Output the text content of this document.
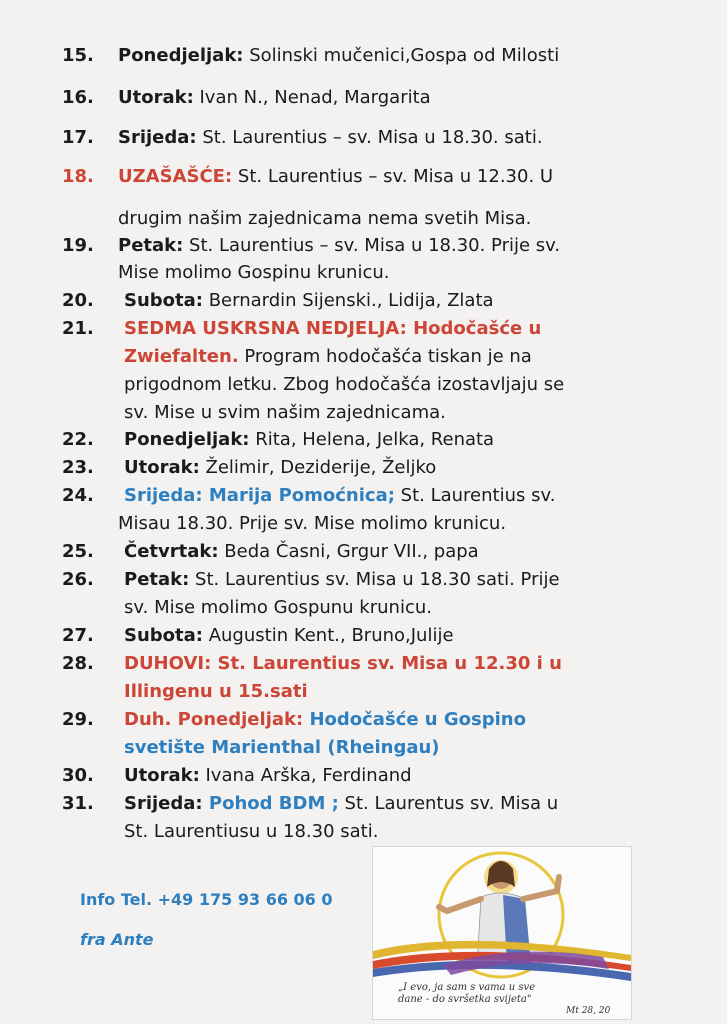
15. Ponedjeljak: Solinski mučenici,Gospa od Milosti
16. Utorak: Ivan N., Nenad, Margarita
17. Srijeda: St. Laurentius – sv. Misa u 18.30. sati.
18. UZAŠAŠĆE: St. Laurentius – sv. Misa u 12.30. U
drugim našim zajednicama nema svetih Misa.
19. Petak: St. Laurentius – sv. Misa u 18.30. Prije sv.
Mise molimo Gospinu krunicu.
20. Subota: Bernardin Sijenski., Lidija, Zlata
21. SEDMA USKRSNA NEDJELJA: Hodočašće u
Zwiefalten. Program hodočašća tiskan je na
prigodnom letku. Zbog hodočašća izostavljaju se
sv. Mise u svim našim zajednicama.
22. Ponedjeljak: Rita, Helena, Jelka, Renata
23. Utorak: Želimir, Deziderije, Željko
24. Srijeda: Marija Pomoćnica; St. Laurentius sv.
Misau 18.30. Prije sv. Mise molimo krunicu.
25. Četvrtak: Beda Časni, Grgur VII., papa
26. Petak: St. Laurentius sv. Misa u 18.30 sati. Prije
sv. Mise molimo Gospunu krunicu.
27. Subota: Augustin Kent., Bruno,Julije
28. DUHOVI: St. Laurentius sv. Misa u 12.30 i u
Illingenu u 15.sati
29. Duh. Ponedjeljak: Hodočašće u Gospino
svetište Marienthal (Rheingau)
30. Utorak: Ivana Arška, Ferdinand
31. Srijeda: Pohod BDM ; St. Laurentus sv. Misa u
St. Laurentiusu u 18.30 sati.
Info Tel. +49 175 93 66 06 0
fra Ante
„I evo, ja sam s vama u sve dane - do svršetka svijeta"
Mt 28, 20
